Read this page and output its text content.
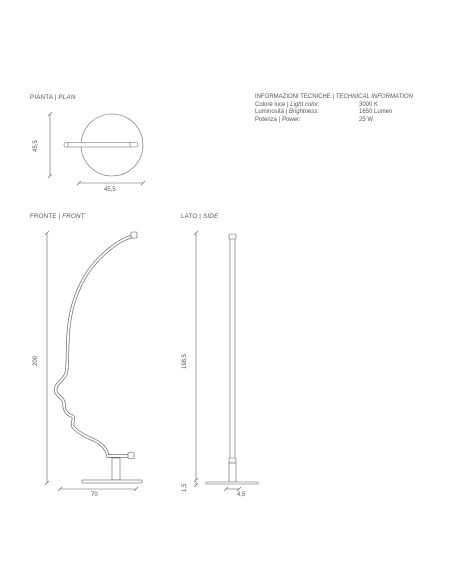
PIANTA | PLAN
FRONTE | FRONT	LATO | SIDE
INFORMAZIONI TECNICHE | TECHNICAL INFORMATION
Colore luce | Light color:	3000 K
Luminosità | Brightness:	1650 Lumen
Potenza | Power:	25 W
45,5
45,5
200
70
198,5
1,5
4,5
